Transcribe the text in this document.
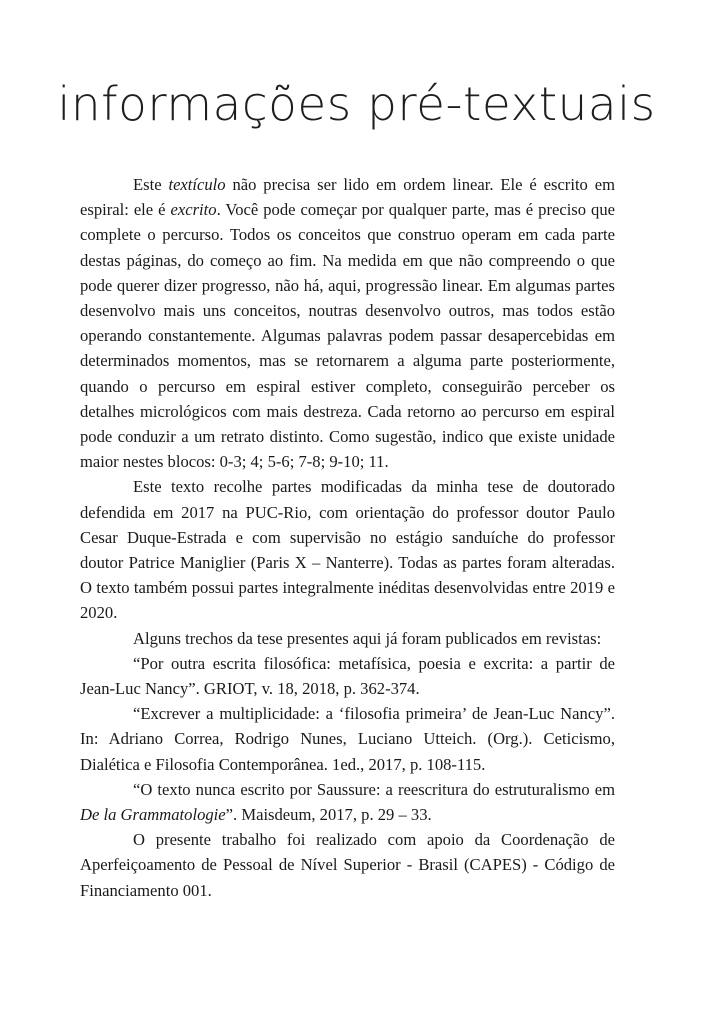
informações pré-textuais

Este textículo não precisa ser lido em ordem linear. Ele é escrito em espiral: ele é excrito. Você pode começar por qualquer parte, mas é preciso que complete o percurso. Todos os conceitos que construo operam em cada parte destas páginas, do começo ao fim. Na medida em que não compreendo o que pode querer dizer progresso, não há, aqui, progressão linear. Em algumas partes desenvolvo mais uns conceitos, noutras desenvolvo outros, mas todos estão operando constantemente. Algumas palavras podem passar desapercebidas em determinados momentos, mas se retornarem a alguma parte posteriormente, quando o percurso em espiral estiver completo, conseguirão perceber os detalhes micrológicos com mais destreza. Cada retorno ao percurso em espiral pode conduzir a um retrato distinto. Como sugestão, indico que existe unidade maior nestes blocos: 0-3; 4; 5-6; 7-8; 9-10; 11.

Este texto recolhe partes modificadas da minha tese de doutorado defendida em 2017 na PUC-Rio, com orientação do professor doutor Paulo Cesar Duque-Estrada e com supervisão no estágio sanduíche do professor doutor Patrice Maniglier (Paris X – Nanterre). Todas as partes foram alteradas. O texto também possui partes integralmente inéditas desenvolvidas entre 2019 e 2020.

Alguns trechos da tese presentes aqui já foram publicados em revistas:

“Por outra escrita filosófica: metafísica, poesia e excrita: a partir de Jean-Luc Nancy”. GRIOT, v. 18, 2018, p. 362-374.

“Excrever a multiplicidade: a ‘filosofia primeira’ de Jean-Luc Nancy”. In: Adriano Correa, Rodrigo Nunes, Luciano Utteich. (Org.). Ceticismo, Dialética e Filosofia Contemporânea. 1ed., 2017, p. 108-115.

“O texto nunca escrito por Saussure: a reescritura do estruturalismo em De la Grammatologie”. Maisdeum, 2017, p. 29 – 33.

O presente trabalho foi realizado com apoio da Coordenação de Aperfeiçoamento de Pessoal de Nível Superior - Brasil (CAPES) - Código de Financiamento 001.
